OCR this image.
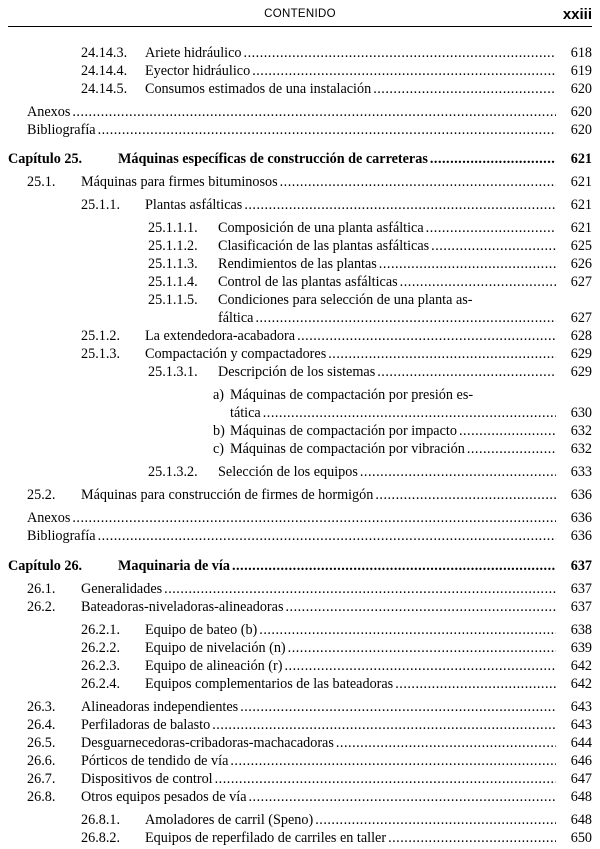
CONTENIDO	xxiii
24.14.3.	Ariete hidráulico .....	618
24.14.4.	Eyector hidráulico .....	619
24.14.5.	Consumos estimados de una instalación .....	620
Anexos .....	620
Bibliografía .....	620
Capítulo 25.	Máquinas específicas de construcción de carreteras .....	621
25.1.	Máquinas para firmes bituminosos .....	621
25.1.1.	Plantas asfálticas .....	621
25.1.1.1.	Composición de una planta asfáltica .....	621
25.1.1.2.	Clasificación de las plantas asfálticas .....	625
25.1.1.3.	Rendimientos de las plantas .....	626
25.1.1.4.	Control de las plantas asfálticas .....	627
25.1.1.5.	Condiciones para selección de una planta as-
fáltica .....	627
25.1.2.	La extendedora-acabadora .....	628
25.1.3.	Compactación y compactadores .....	629
25.1.3.1.	Descripción de los sistemas .....	629
a) Máquinas de compactación por presión es-
tática .....	630
b) Máquinas de compactación por impacto .....	632
c) Máquinas de compactación por vibración .....	632
25.1.3.2.	Selección de los equipos .....	633
25.2.	Máquinas para construcción de firmes de hormigón .....	636
Anexos .....	636
Bibliografía .....	636
Capítulo 26.	Maquinaria de vía .....	637
26.1.	Generalidades .....	637
26.2.	Bateadoras-niveladoras-alineadoras .....	637
26.2.1.	Equipo de bateo (b) .....	638
26.2.2.	Equipo de nivelación (n) .....	639
26.2.3.	Equipo de alineación (r) .....	642
26.2.4.	Equipos complementarios de las bateadoras .....	642
26.3.	Alineadoras independientes .....	643
26.4.	Perfiladoras de balasto .....	643
26.5.	Desguarnecedoras-cribadoras-machacadoras .....	644
26.6.	Pórticos de tendido de vía .....	646
26.7.	Dispositivos de control .....	647
26.8.	Otros equipos pesados de vía .....	648
26.8.1.	Amoladores de carril (Speno) .....	648
26.8.2.	Equipos de reperfilado de carriles en taller .....	650
